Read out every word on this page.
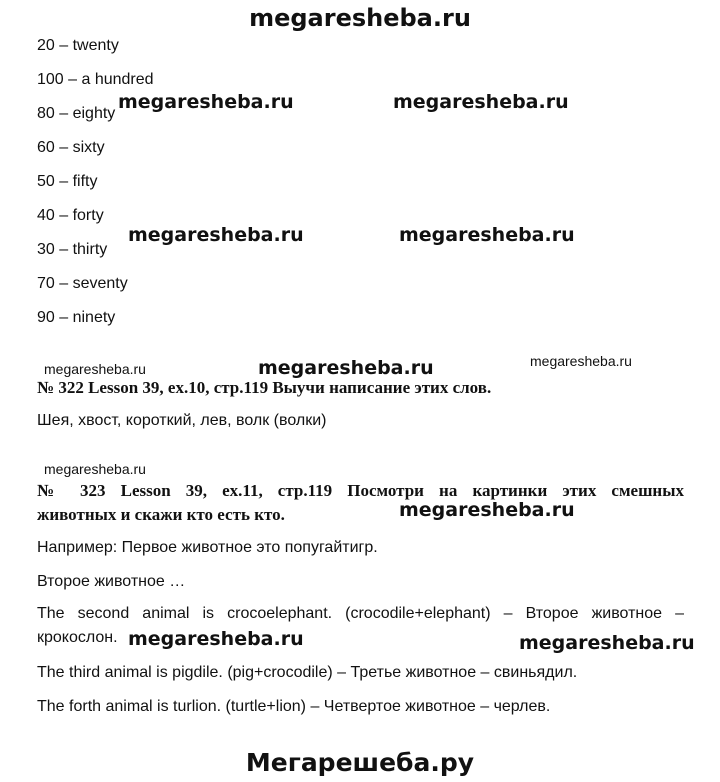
megaresheba.ru
20 – twenty
100 – a hundred
80 – eighty
60 – sixty
50 – fifty
40 – forty
30 – thirty
70 – seventy
90 – ninety
megaresheba.ru	megaresheba.ru
megaresheba.ru	megaresheba.ru
megaresheba.ru	megaresheba.ru	megaresheba.ru
megaresheba.ru
megaresheba.ru
megaresheba.ru	megaresheba.ru
№ 322 Lesson 39, ex.10, стр.119 Выучи написание этих слов.
Шея, хвост, короткий, лев, волк (волки)
№ 323 Lesson 39, ex.11, стр.119 Посмотри на картинки этих смешных
животных и скажи кто есть кто.
Например: Первое животное это попугайтигр.
Второе животное …
The second animal is crocoelephant. (crocodile+elephant) – Второе животное –
крокослон.
The third animal is pigdile. (pig+crocodile) – Третье животное – свиньядил.
The forth animal is turlion. (turtle+lion) – Четвертое животное – черлев.
Мегарешеба.ру
